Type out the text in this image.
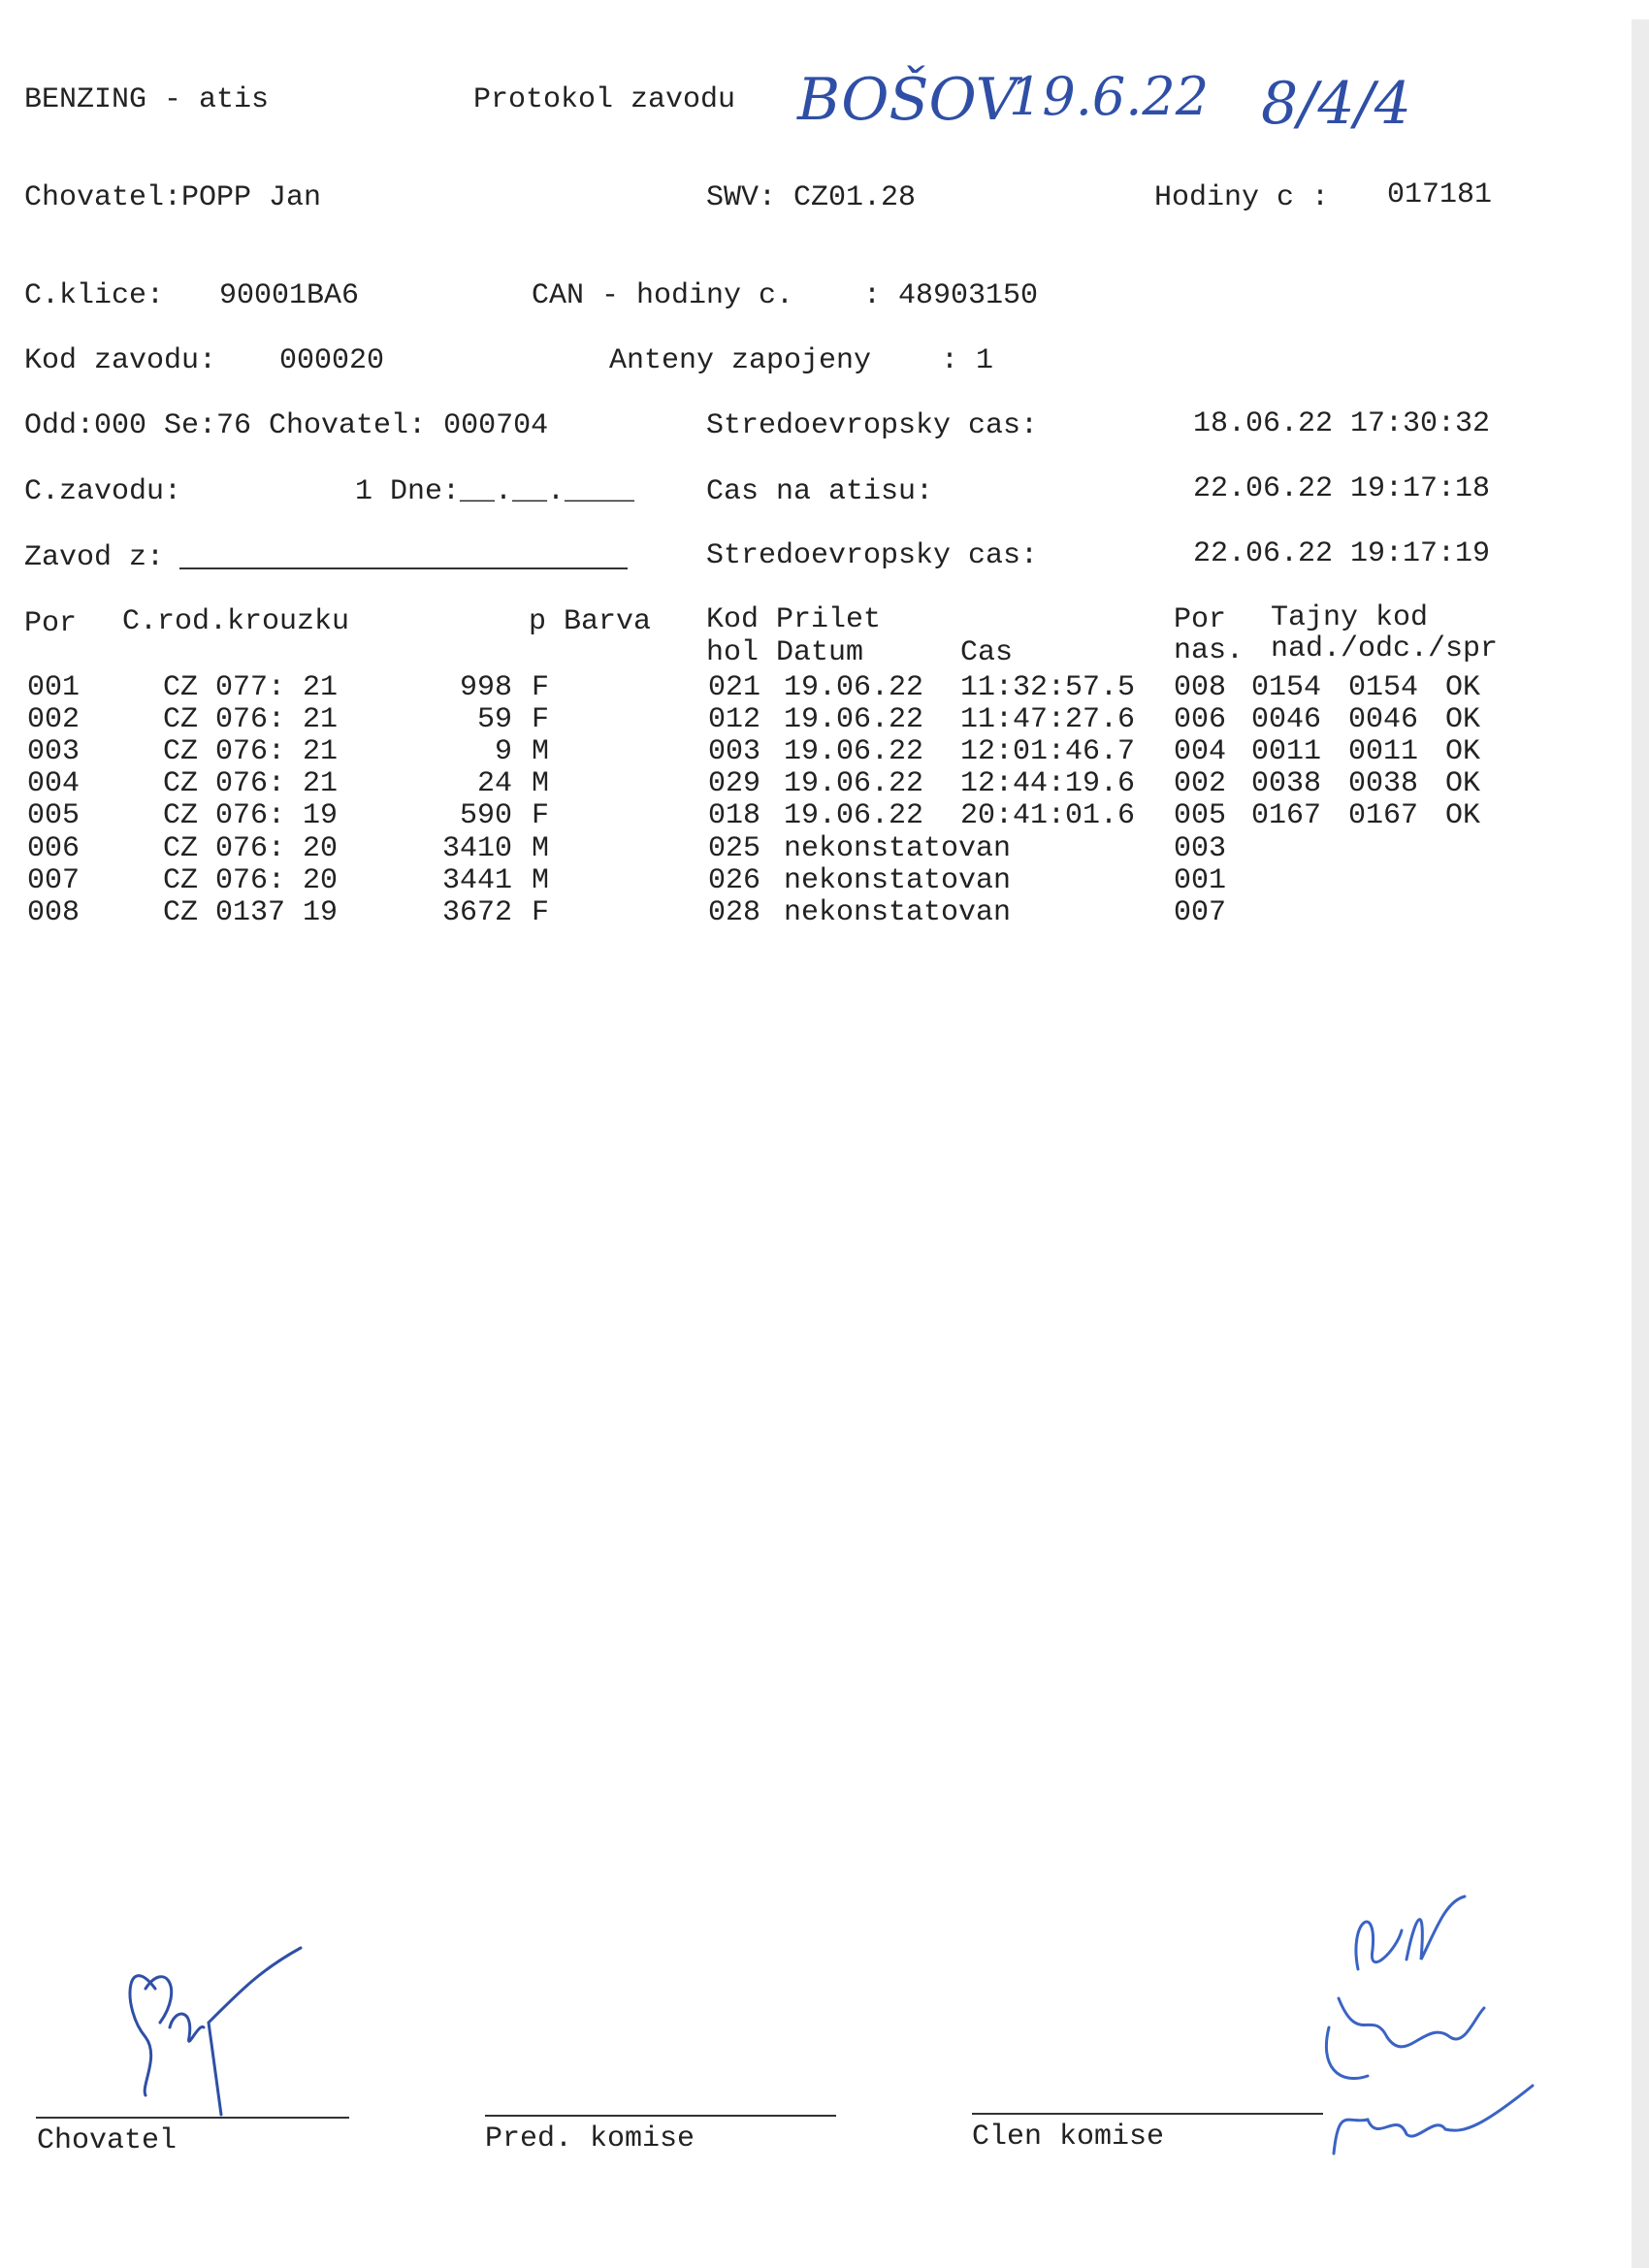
BENZING - atis	Protokol zavodu BOŠOV
19.6.22 8/4/4
Chovatel:POPP Jan	SWV: CZ01.28	Hodiny c : 017181
C.klice: 90001BA6	CAN - hodiny c. : 48903150
Kod zavodu: 000020	Anteny zapojeny : 1
Odd:000 Se:76 Chovatel: 000704	Stredoevropsky cas:	18.06.22 17:30:32
C.zavodu:	1 Dne:__.__.____ Cas na atisu:	22.06.22 19:17:18
Zavod z:	Stredoevropsky cas:	22.06.22 19:17:19
Por C.rod.krouzku	p Barva Kod Prilet	Por Tajny kod
hol Datum	Cas	nas. nad./odc./spr
001	CZ 077: 21	998 F	021 19.06.22 11:32:57.5 008 0154 0154 OK
002	CZ 076: 21	59 F	012 19.06.22 11:47:27.6 006 0046 0046 OK
003	CZ 076: 21	9 M	003 19.06.22 12:01:46.7 004 0011 0011 OK
004	CZ 076: 21	24 M	029 19.06.22 12:44:19.6 002 0038 0038 OK
005	CZ 076: 19	590 F	018 19.06.22 20:41:01.6 005 0167 0167 OK
006	CZ 076: 20	3410 M	025 nekonstatovan	003
007	CZ 076: 20	3441 M	026 nekonstatovan	001
008	CZ 0137 19	3672 F	028 nekonstatovan	007
Chovatel	Pred. komise	Clen komise
